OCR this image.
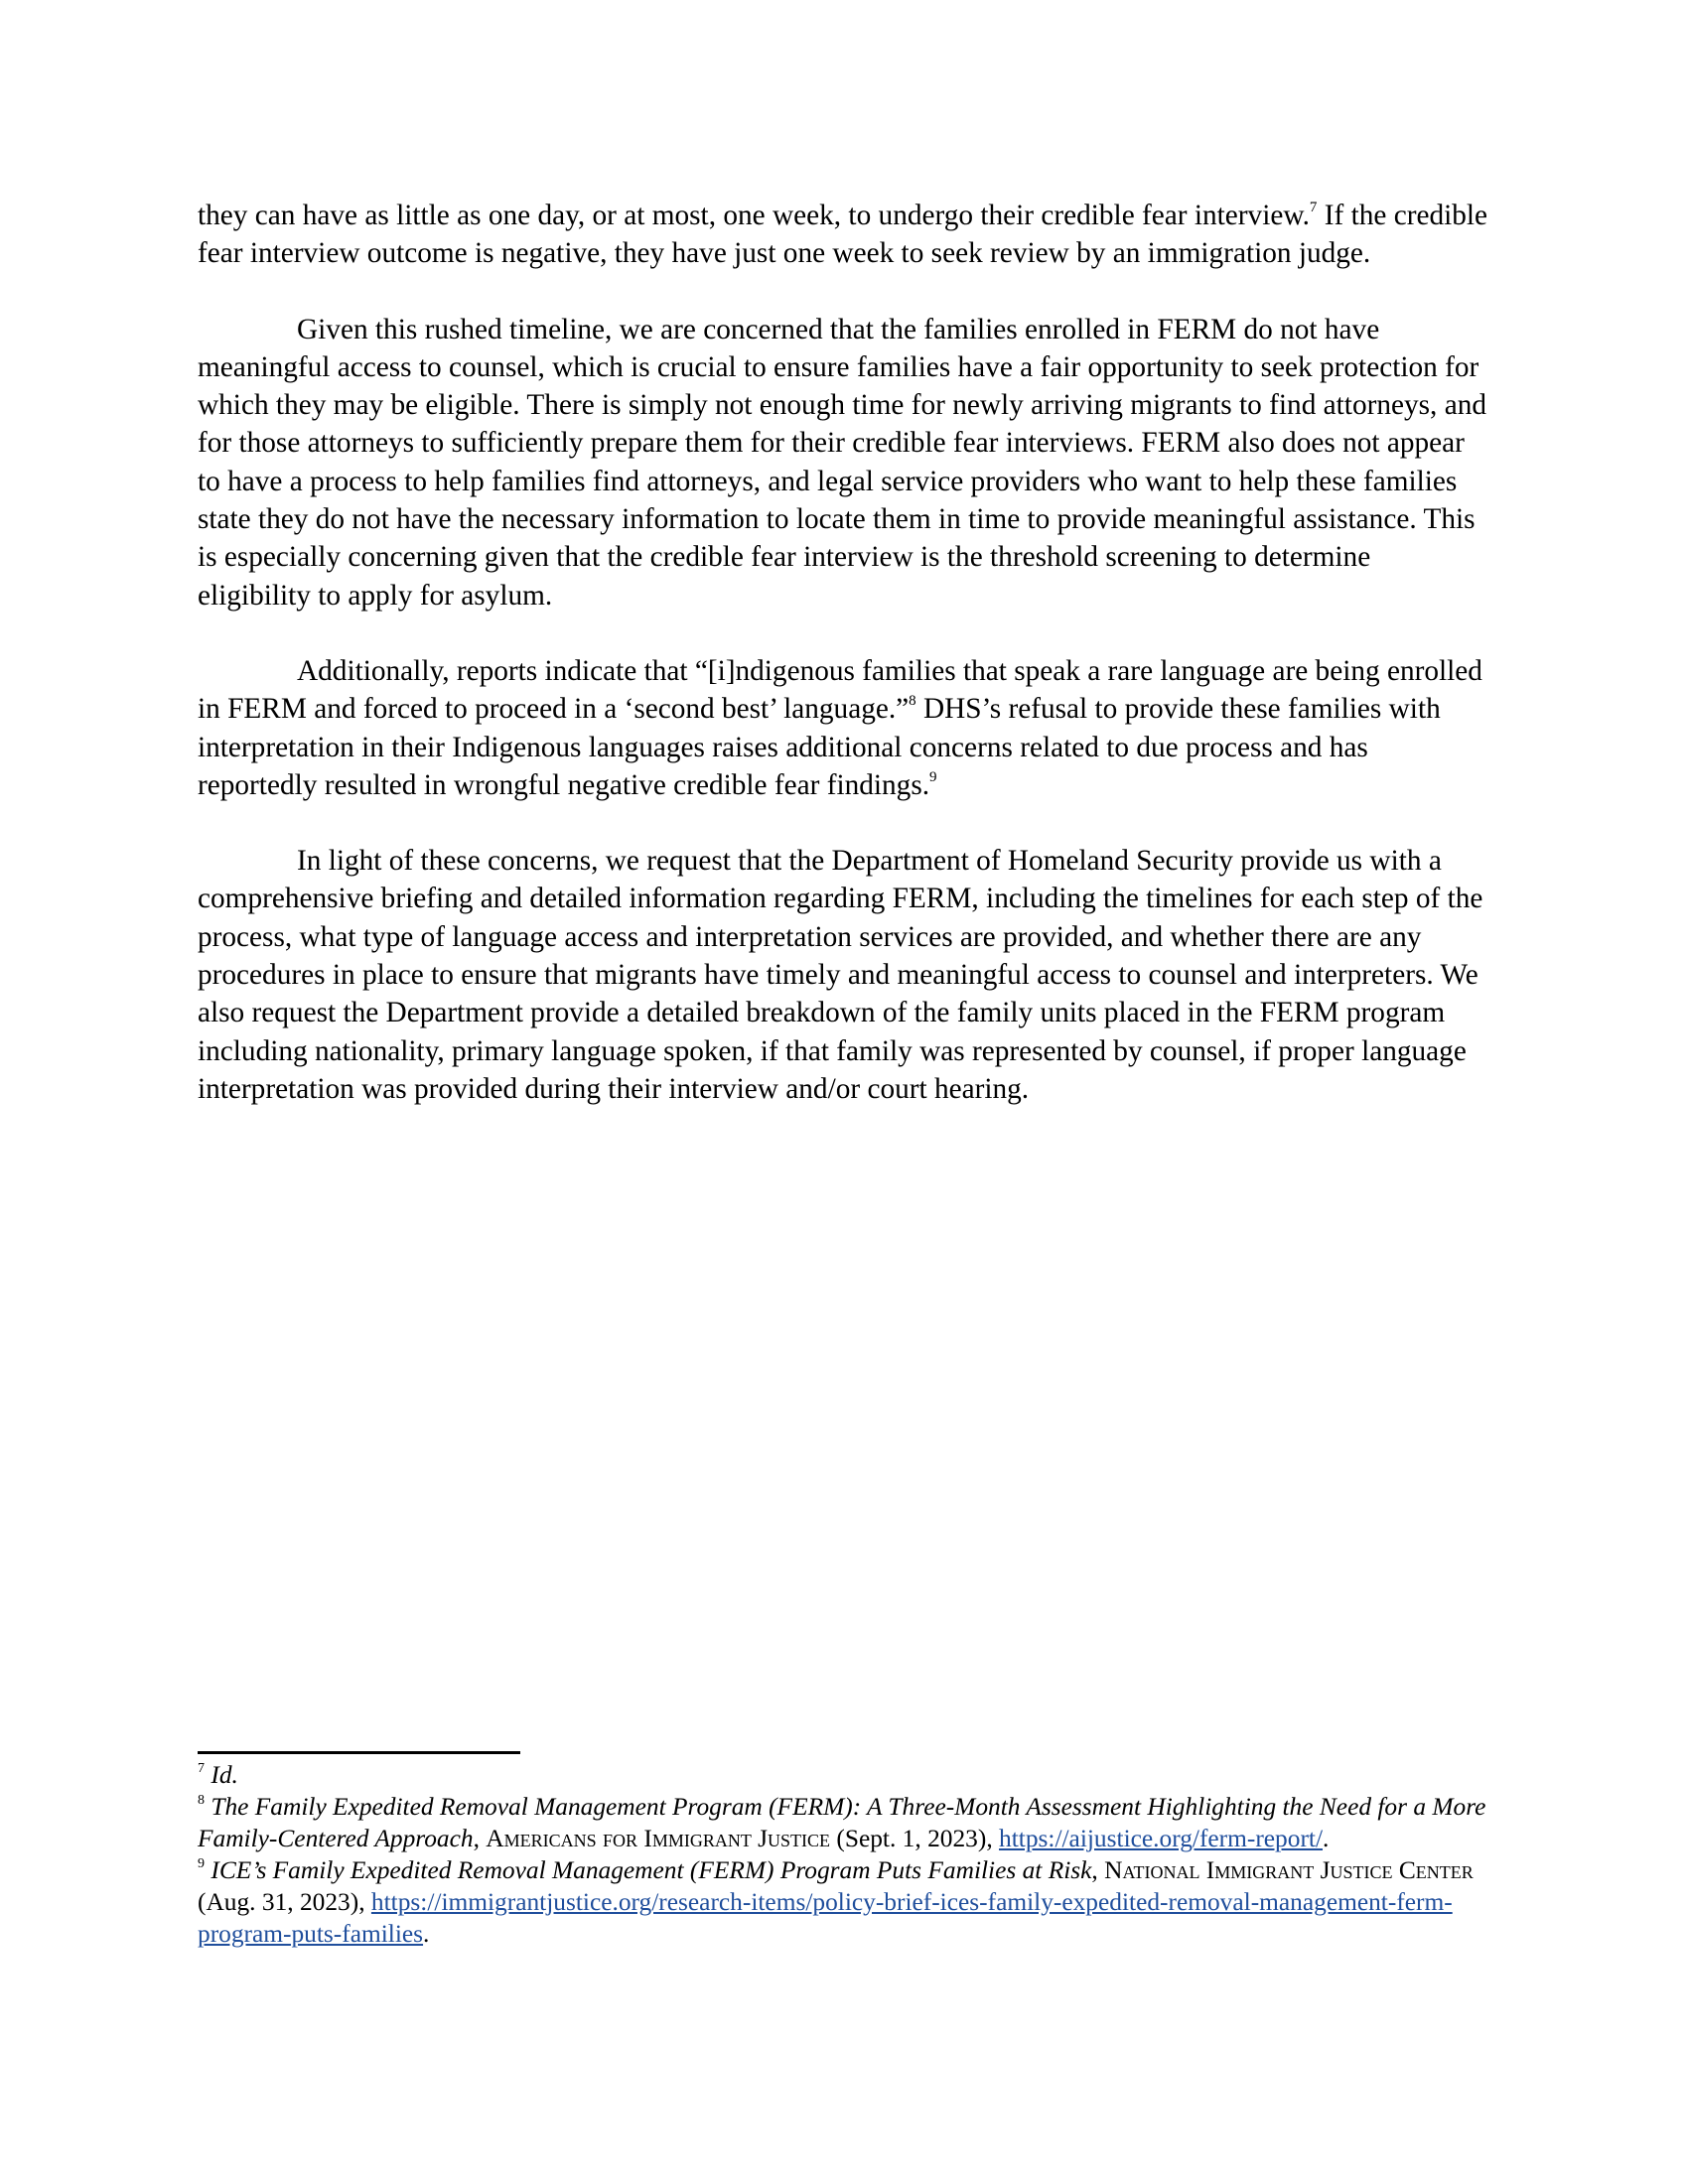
they can have as little as one day, or at most, one week, to undergo their credible fear interview.$^7$ If the credible fear interview outcome is negative, they have just one week to seek review by an immigration judge.

Given this rushed timeline, we are concerned that the families enrolled in FERM do not have meaningful access to counsel, which is crucial to ensure families have a fair opportunity to seek protection for which they may be eligible. There is simply not enough time for newly arriving migrants to find attorneys, and for those attorneys to sufficiently prepare them for their credible fear interviews. FERM also does not appear to have a process to help families find attorneys, and legal service providers who want to help these families state they do not have the necessary information to locate them in time to provide meaningful assistance. This is especially concerning given that the credible fear interview is the threshold screening to determine eligibility to apply for asylum.

Additionally, reports indicate that “[i]ndigenous families that speak a rare language are being enrolled in FERM and forced to proceed in a ‘second best’ language.”$^8$ DHS’s refusal to provide these families with interpretation in their Indigenous languages raises additional concerns related to due process and has reportedly resulted in wrongful negative credible fear findings.$^9$

In light of these concerns, we request that the Department of Homeland Security provide us with a comprehensive briefing and detailed information regarding FERM, including the timelines for each step of the process, what type of language access and interpretation services are provided, and whether there are any procedures in place to ensure that migrants have timely and meaningful access to counsel and interpreters. We also request the Department provide a detailed breakdown of the family units placed in the FERM program including nationality, primary language spoken, if that family was represented by counsel, if proper language interpretation was provided during their interview and/or court hearing.

$^7$ Id.

$^8$ The Family Expedited Removal Management Program (FERM): A Three-Month Assessment Highlighting the Need for a More Family-Centered Approach, Americans for Immigrant Justice (Sept. 1, 2023), https://aijustice.org/ferm-report/.

$^9$ ICE’s Family Expedited Removal Management (FERM) Program Puts Families at Risk, National Immigrant Justice Center (Aug. 31, 2023), https://immigrantjustice.org/research-items/policy-brief-ices-family-expedited-removal-management-ferm-program-puts-families.
